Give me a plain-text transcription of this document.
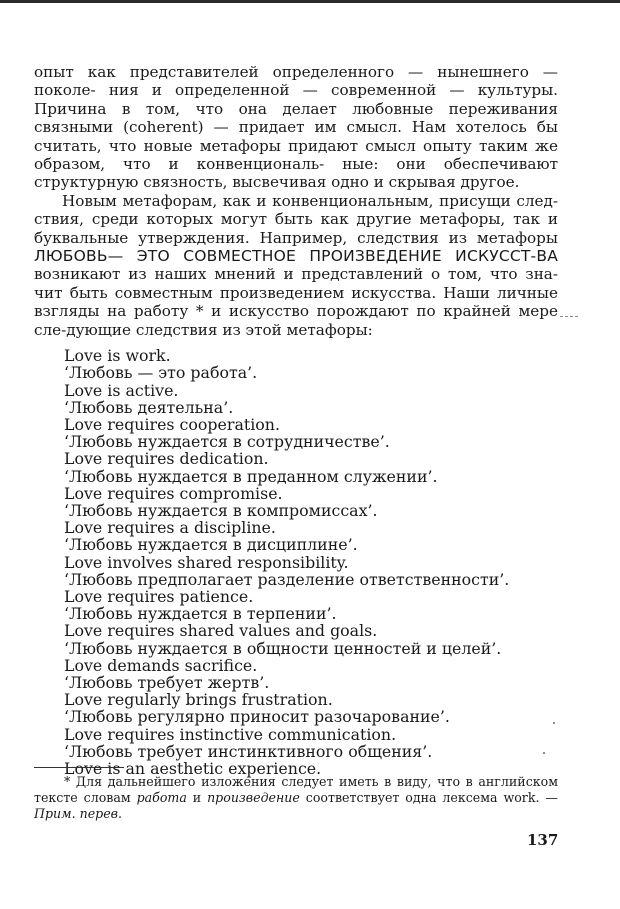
опыт как представителей определенного — нынешнего — поколе- ния и определенной — современной — культуры. Причина в том, что она делает любовные переживания связными (coherent) — придает им смысл. Нам хотелось бы считать, что новые метафоры придают смысл опыту таким же образом, что и конвенциональ- ные: они обеспечивают структурную связность, высвечивая одно и скрывая другое.

Новым метафорам, как и конвенциональным, присущи след-ствия, среди которых могут быть как другие метафоры, так и буквальные утверждения. Например, следствия из метафоры ЛЮБОВЬ— ЭТО СОВМЕСТНОЕ ПРОИЗВЕДЕНИЕ ИСКУССТ-ВА возникают из наших мнений и представлений о том, что зна-чит быть совместным произведением искусства. Наши личные взгляды на работу * и искусство порождают по крайней мере сле-дующие следствия из этой метафоры:

Love is work.
‘Любовь — это работа’.
Love is active.
‘Любовь деятельна’.
Love requires cooperation.
‘Любовь нуждается в сотрудничестве’.
Love requires dedication.
‘Любовь нуждается в преданном служении’.
Love requires compromise.
‘Любовь нуждается в компромиссах’.
Love requires a discipline.
‘Любовь нуждается в дисциплине’.
Love involves shared responsibility.
‘Любовь предполагает разделение ответственности’.
Love requires patience.
‘Любовь нуждается в терпении’.
Love requires shared values and goals.
‘Любовь нуждается в общности ценностей и целей’.
Love demands sacrifice.
‘Любовь требует жертв’.
Love regularly brings frustration.
‘Любовь регулярно приносит разочарование’.
Love requires instinctive communication.
‘Любовь требует инстинктивного общения’.
Love is an aesthetic experience.

* Для дальнейшего изложения следует иметь в виду, что в английском тексте словам работа и произведение соответствует одна лексема work. — Прим. перев.

137
